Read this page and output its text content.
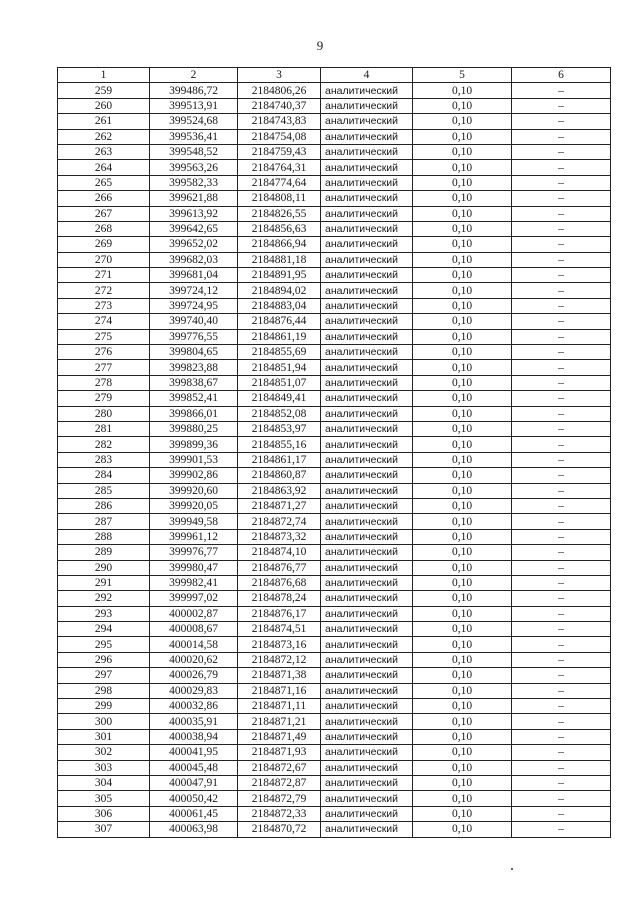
9
1	2	3	4	5	6
259	399486,72	2184806,26	аналитический	0,10	–
260	399513,91	2184740,37	аналитический	0,10	–
261	399524,68	2184743,83	аналитический	0,10	–
262	399536,41	2184754,08	аналитический	0,10	–
263	399548,52	2184759,43	аналитический	0,10	–
264	399563,26	2184764,31	аналитический	0,10	–
265	399582,33	2184774,64	аналитический	0,10	–
266	399621,88	2184808,11	аналитический	0,10	–
267	399613,92	2184826,55	аналитический	0,10	–
268	399642,65	2184856,63	аналитический	0,10	–
269	399652,02	2184866,94	аналитический	0,10	–
270	399682,03	2184881,18	аналитический	0,10	–
271	399681,04	2184891,95	аналитический	0,10	–
272	399724,12	2184894,02	аналитический	0,10	–
273	399724,95	2184883,04	аналитический	0,10	–
274	399740,40	2184876,44	аналитический	0,10	–
275	399776,55	2184861,19	аналитический	0,10	–
276	399804,65	2184855,69	аналитический	0,10	–
277	399823,88	2184851,94	аналитический	0,10	–
278	399838,67	2184851,07	аналитический	0,10	–
279	399852,41	2184849,41	аналитический	0,10	–
280	399866,01	2184852,08	аналитический	0,10	–
281	399880,25	2184853,97	аналитический	0,10	–
282	399899,36	2184855,16	аналитический	0,10	–
283	399901,53	2184861,17	аналитический	0,10	–
284	399902,86	2184860,87	аналитический	0,10	–
285	399920,60	2184863,92	аналитический	0,10	–
286	399920,05	2184871,27	аналитический	0,10	–
287	399949,58	2184872,74	аналитический	0,10	–
288	399961,12	2184873,32	аналитический	0,10	–
289	399976,77	2184874,10	аналитический	0,10	–
290	399980,47	2184876,77	аналитический	0,10	–
291	399982,41	2184876,68	аналитический	0,10	–
292	399997,02	2184878,24	аналитический	0,10	–
293	400002,87	2184876,17	аналитический	0,10	–
294	400008,67	2184874,51	аналитический	0,10	–
295	400014,58	2184873,16	аналитический	0,10	–
296	400020,62	2184872,12	аналитический	0,10	–
297	400026,79	2184871,38	аналитический	0,10	–
298	400029,83	2184871,16	аналитический	0,10	–
299	400032,86	2184871,11	аналитический	0,10	–
300	400035,91	2184871,21	аналитический	0,10	–
301	400038,94	2184871,49	аналитический	0,10	–
302	400041,95	2184871,93	аналитический	0,10	–
303	400045,48	2184872,67	аналитический	0,10	–
304	400047,91	2184872,87	аналитический	0,10	–
305	400050,42	2184872,79	аналитический	0,10	–
306	400061,45	2184872,33	аналитический	0,10	–
307	400063,98	2184870,72	аналитический	0,10	–
